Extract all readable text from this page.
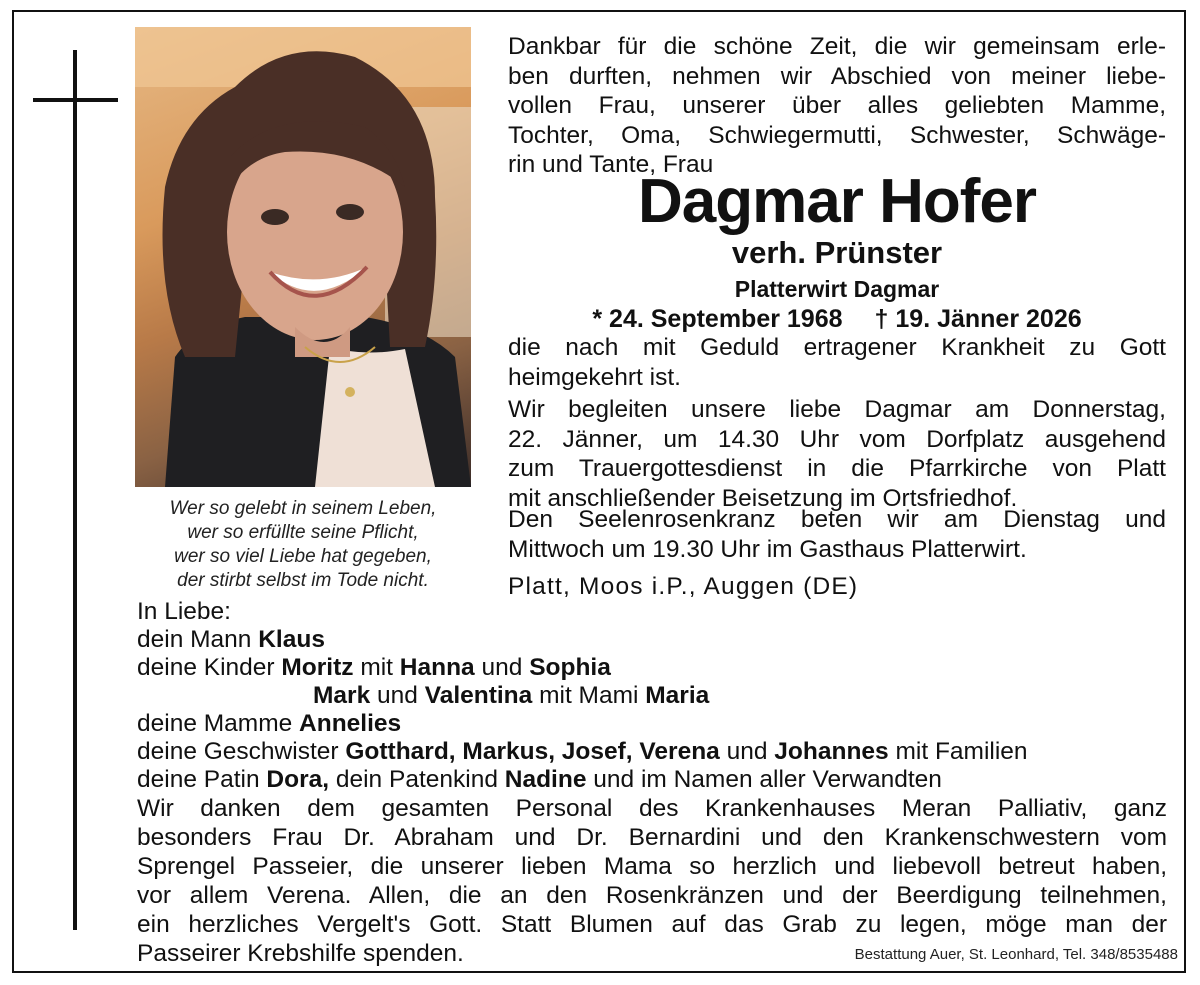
Wer so gelebt in seinem Leben,
wer so erfüllte seine Pflicht,
wer so viel Liebe hat gegeben,
der stirbt selbst im Tode nicht.
Dankbar für die schöne Zeit, die wir gemeinsam erle-
ben durften, nehmen wir Abschied von meiner liebe-
vollen Frau, unserer über alles geliebten Mamme,
Tochter, Oma, Schwiegermutti, Schwester, Schwäge-
rin und Tante, Frau
Dagmar Hofer
verh. Prünster
Platterwirt Dagmar
* 24. September 1968 † 19. Jänner 2026
die nach mit Geduld ertragener Krankheit zu Gott
heimgekehrt ist.
Wir begleiten unsere liebe Dagmar am Donnerstag,
22. Jänner, um 14.30 Uhr vom Dorfplatz ausgehend
zum Trauergottesdienst in die Pfarrkirche von Platt
mit anschließender Beisetzung im Ortsfriedhof.
Den Seelenrosenkranz beten wir am Dienstag und
Mittwoch um 19.30 Uhr im Gasthaus Platterwirt.
Platt, Moos i.P., Auggen (DE)
In Liebe:
dein Mann Klaus
deine Kinder Moritz mit Hanna und Sophia
Mark und Valentina mit Mami Maria
deine Mamme Annelies
deine Geschwister Gotthard, Markus, Josef, Verena und Johannes mit Familien
deine Patin Dora, dein Patenkind Nadine und im Namen aller Verwandten
Wir danken dem gesamten Personal des Krankenhauses Meran Palliativ, ganz
besonders Frau Dr. Abraham und Dr. Bernardini und den Krankenschwestern vom
Sprengel Passeier, die unserer lieben Mama so herzlich und liebevoll betreut haben,
vor allem Verena. Allen, die an den Rosenkränzen und der Beerdigung teilnehmen,
ein herzliches Vergelt's Gott. Statt Blumen auf das Grab zu legen, möge man der
Passeirer Krebshilfe spenden.	Bestattung Auer, St. Leonhard, Tel. 348/8535488
